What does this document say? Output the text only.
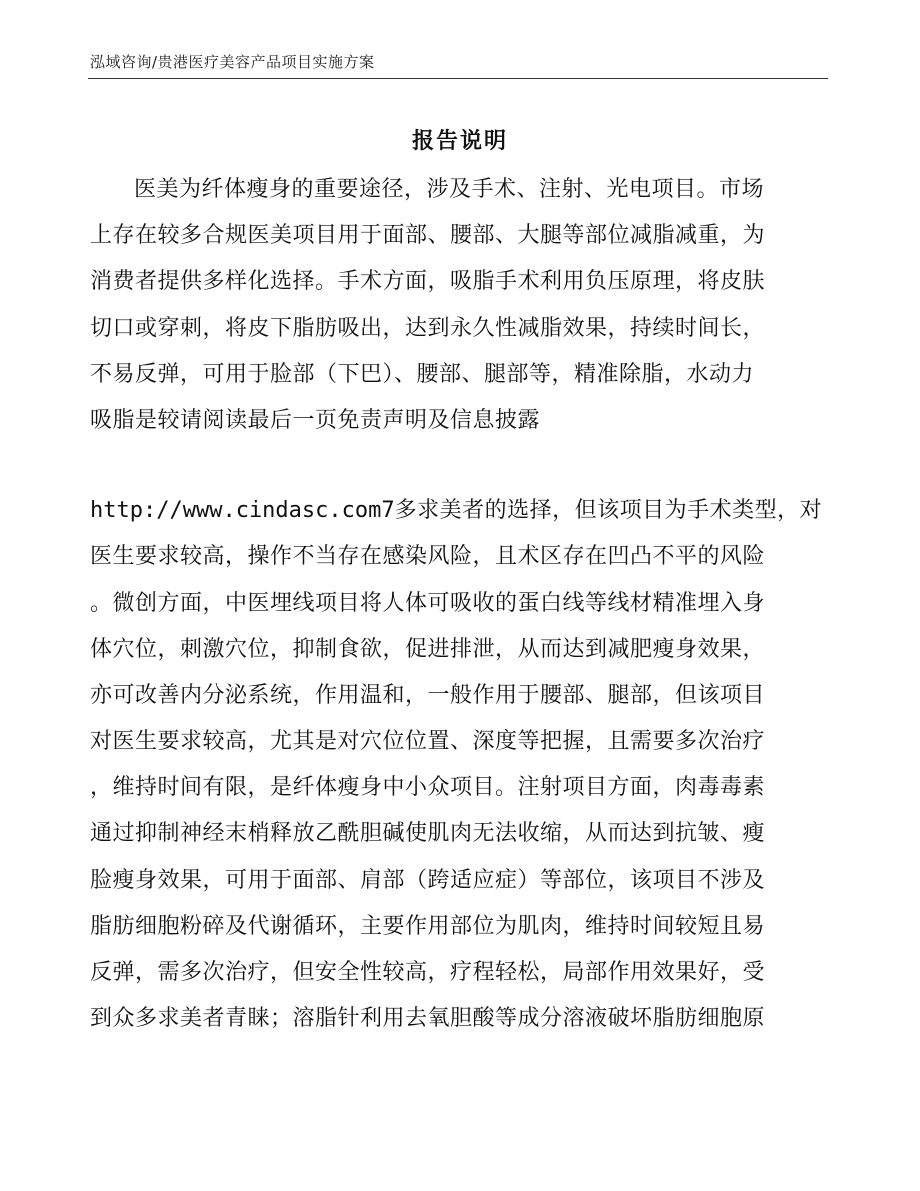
泓域咨询/贵港医疗美容产品项目实施方案
报告说明
医美为纤体瘦身的重要途径，涉及手术、注射、光电项目。市场
上存在较多合规医美项目用于面部、腰部、大腿等部位减脂减重，为
消费者提供多样化选择。手术方面，吸脂手术利用负压原理，将皮肤
切口或穿刺，将皮下脂肪吸出，达到永久性减脂效果，持续时间长，
不易反弹，可用于脸部（下巴）、腰部、腿部等，精准除脂，水动力
吸脂是较请阅读最后一页免责声明及信息披露
http://www.cindasc.com7多求美者的选择，但该项目为手术类型，对
医生要求较高，操作不当存在感染风险，且术区存在凹凸不平的风险
。微创方面，中医埋线项目将人体可吸收的蛋白线等线材精准埋入身
体穴位，刺激穴位，抑制食欲，促进排泄，从而达到减肥瘦身效果，
亦可改善内分泌系统，作用温和，一般作用于腰部、腿部，但该项目
对医生要求较高，尤其是对穴位位置、深度等把握，且需要多次治疗
，维持时间有限，是纤体瘦身中小众项目。注射项目方面，肉毒毒素
通过抑制神经末梢释放乙酰胆碱使肌肉无法收缩，从而达到抗皱、瘦
脸瘦身效果，可用于面部、肩部（跨适应症）等部位，该项目不涉及
脂肪细胞粉碎及代谢循环，主要作用部位为肌肉，维持时间较短且易
反弹，需多次治疗，但安全性较高，疗程轻松，局部作用效果好，受
到众多求美者青睐；溶脂针利用去氧胆酸等成分溶液破坏脂肪细胞原
